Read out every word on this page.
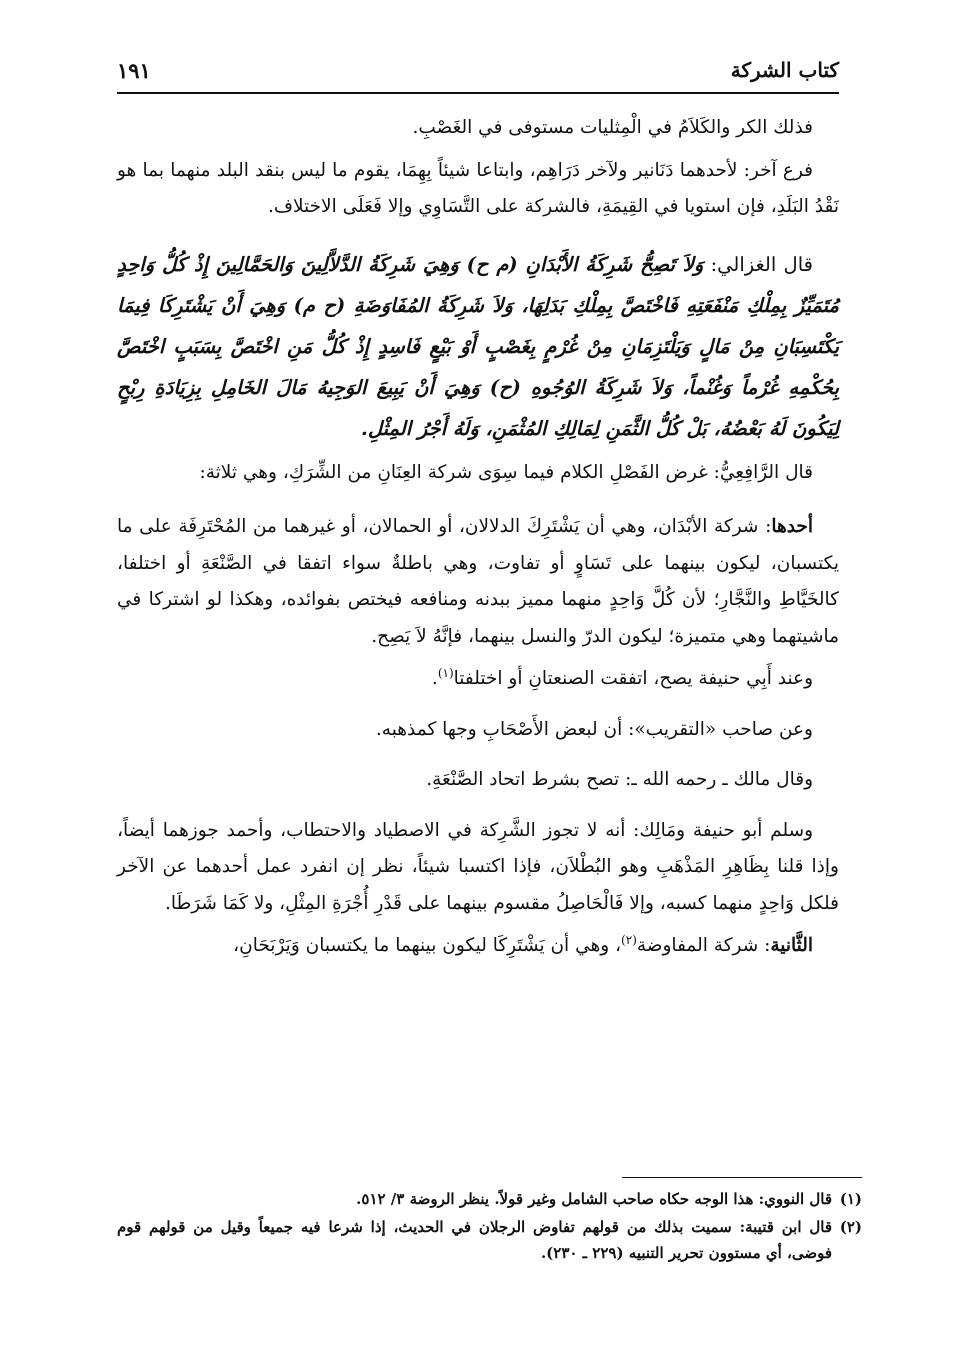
كتاب الشركة
١٩١

فذلك الكر والكَلاَمُ في الْمِثليات مستوفى في الغَصْبِ.

فرع آخر: لأحدهما دَنَانير ولآخر دَرَاهِم، وابتاعا شيئاً بِهِمَا، يقوم ما ليس بنقد البلد منهما بما هو نَقْدُ البَلَدِ، فإن استويا في القِيمَةِ، فالشركة على التَّسَاوِي وإلا فَعَلَى الاختلاف.

قال الغزالي: وَلاَ تَصِحُّ شَرِكَةُ الأَبْدَانِ (م ح) وَهِيَ شَرِكَةُ الدَّلاَّلِينَ وَالحَمَّالِينَ إِذْ كُلُّ وَاحِدٍ مُتَمَيِّزٌ بِمِلْكِ مَنْفَعَتِهِ فَاخْتَصَّ بِمِلْكِ بَدَلِهَا، وَلاَ شَرِكَةُ المُفَاوَضَةِ (ح م) وَهِيَ أَنْ يَشْتَرِكَا فِيمَا يَكْتَسِبَانِ مِنْ مَالٍ وَيَلْتَزِمَانِ مِنْ غُرْمٍ بِغَصْبٍ أَوْ بَيْعٍ فَاسِدٍ إِذْ كُلُّ مَنِ اخْتَصَّ بِسَبَبٍ اخْتَصَّ بِحُكْمِهِ غُرْماً وَغُنْماً، وَلاَ شَرِكَةُ الوُجُوهِ (ح) وَهِيَ أَنْ يَبِيعَ الوَجِيهُ مَالَ الخَامِلِ بِزِيَادَةِ رِبْحٍ لِيَكُونَ لَهُ بَعْضُهُ، بَلْ كُلُّ الثَّمَنِ لِمَالِكِ المُثْمَنِ، وَلَهُ أَجْرُ المِثْلِ.

قال الرَّافِعِيُّ: غرض الفَصْلِ الكلام فيما سِوَى شركة العِنَانِ من الشِّرَكِ، وهي ثلاثة:

أحدها: شركة الأبْدَان، وهي أن يَشْتَرِكَ الدلالان، أو الحمالان، أو غيرهما من المُحْتَرِفَة على ما يكتسبان، ليكون بينهما على تَسَاوٍ أو تفاوت، وهي باطلةٌ سواء اتفقا في الصَّنْعَةِ أو اختلفا، كالخَيَّاطِ والنَّجَّارِ؛ لأن كُلَّ وَاحِدٍ منهما مميز ببدنه ومنافعه فيختص بفوائده، وهكذا لو اشتركا في ماشيتهما وهي متميزة؛ ليكون الدرّ والنسل بينهما، فإنَّهُ لاَ يَصِح.

وعند أَبِي حنيفة يصح، اتفقت الصنعتانِ أو اختلفتا$^{(١)}$.

وعن صاحب «التقريب»: أن لبعض الأَصْحَابِ وجها كمذهبه.

وقال مالك ـ رحمه الله ـ: تصح بشرط اتحاد الصَّنْعَةِ.

وسلم أبو حنيفة ومَالِك: أنه لا تجوز الشَّرِكة في الاصطياد والاحتطاب، وأحمد جوزهما أيضاً، وإذا قلنا بِظَاهِرِ المَذْهَبِ وهو البُطْلاَن، فإذا اكتسبا شيئاً، نظر إن انفرد عمل أحدهما عن الآخر فلكل وَاحِدٍ منهما كسبه، وإلا فَالْحَاصِلُ مقسوم بينهما على قَدْرِ أُجْرَةِ المِثْلِ، ولا كَمَا شَرَطَا.

الثَّانية: شركة المفاوضة$^{(٢)}$، وهي أن يَشْتَرِكَا ليكون بينهما ما يكتسبان وَيَرْبَحَانِ،

(١)
قال النووي: هذا الوجه حكاه صاحب الشامل وغير قولاً. ينظر الروضة ٣/ ٥١٢.
(٢)
قال ابن قتيبة: سميت بذلك من قولهم تفاوض الرجلان في الحديث، إذا شرعا فيه جميعاً وقيل من قولهم قوم فوضى، أي مستوون تحرير التنبيه (٢٢٩ ـ ٢٣٠).
